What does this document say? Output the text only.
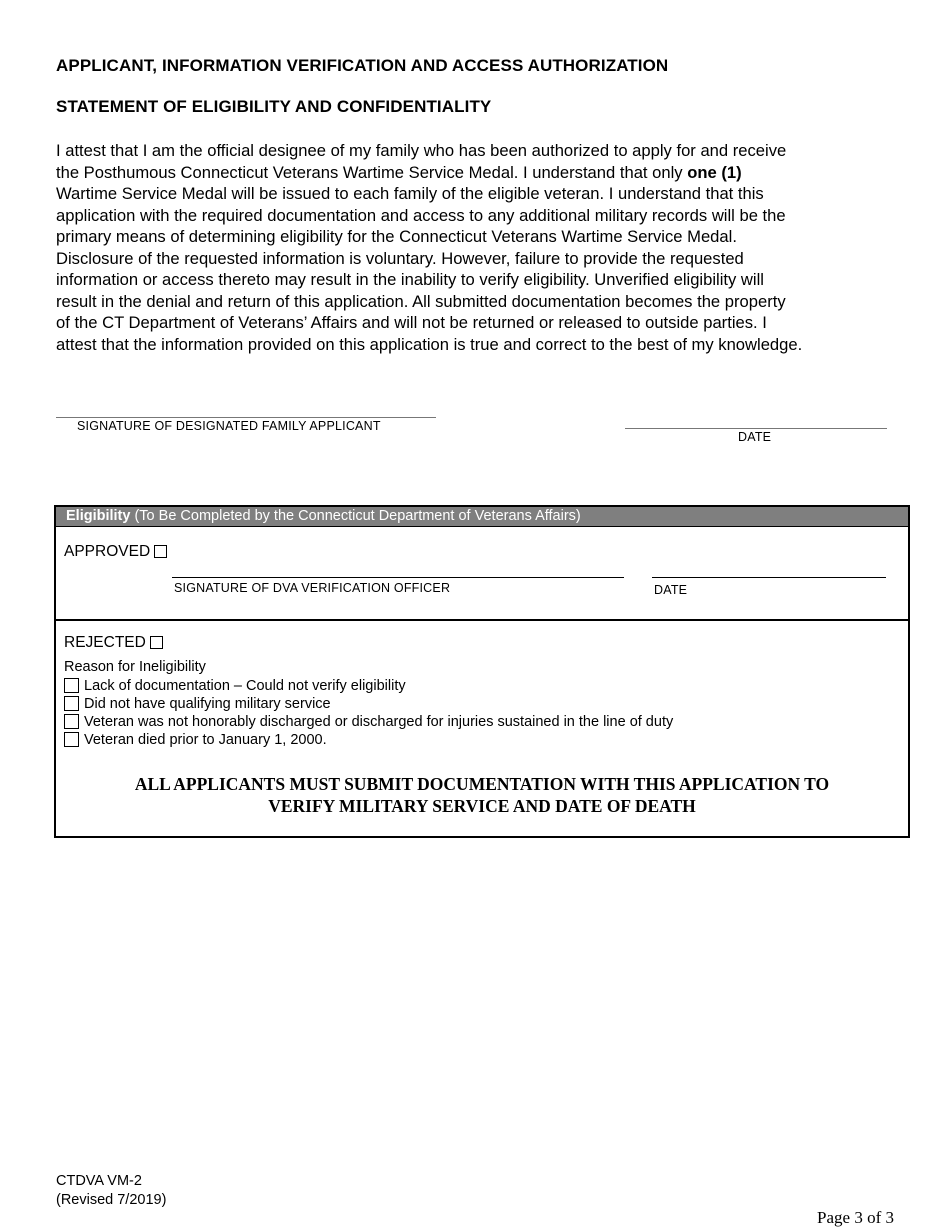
APPLICANT, INFORMATION VERIFICATION AND ACCESS AUTHORIZATION
STATEMENT OF ELIGIBILITY AND CONFIDENTIALITY
I attest that I am the official designee of my family who has been authorized to apply for and receive
the Posthumous Connecticut Veterans Wartime Service Medal. I understand that only one (1)
Wartime Service Medal will be issued to each family of the eligible veteran. I understand that this
application with the required documentation and access to any additional military records will be the
primary means of determining eligibility for the Connecticut Veterans Wartime Service Medal.
Disclosure of the requested information is voluntary. However, failure to provide the requested
information or access thereto may result in the inability to verify eligibility. Unverified eligibility will
result in the denial and return of this application. All submitted documentation becomes the property
of the CT Department of Veterans’ Affairs and will not be returned or released to outside parties. I
attest that the information provided on this application is true and correct to the best of my knowledge.
SIGNATURE OF DESIGNATED FAMILY APPLICANT
DATE
Eligibility (To Be Completed by the Connecticut Department of Veterans Affairs)
APPROVED
SIGNATURE OF DVA VERIFICATION OFFICER	DATE
REJECTED
Reason for Ineligibility
Lack of documentation – Could not verify eligibility
Did not have qualifying military service
Veteran was not honorably discharged or discharged for injuries sustained in the line of duty
Veteran died prior to January 1, 2000.

ALL APPLICANTS MUST SUBMIT DOCUMENTATION WITH THIS APPLICATION TO
VERIFY MILITARY SERVICE AND DATE OF DEATH

CTDVA VM-2
(Revised 7/2019)
Page 3 of 3
